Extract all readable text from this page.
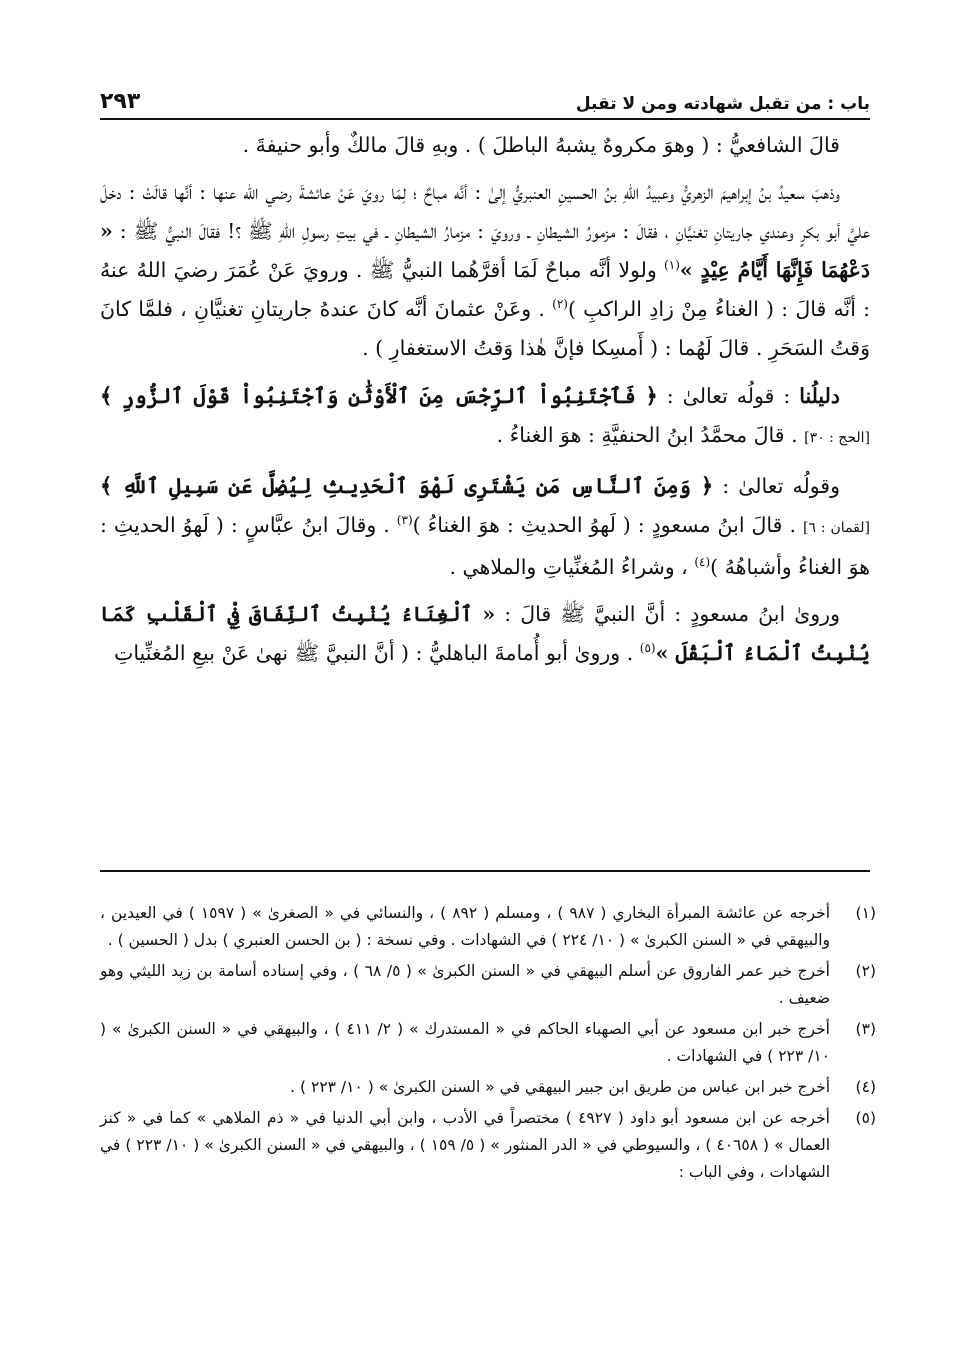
باب : من تقبل شهادته ومن لا تقبل
٢٩٣

قالَ الشافعيُّ : ( وهوَ مكروهٌ يشبهُ الباطلَ ) . وبهِ قالَ مالكٌ وأبو حنيفةَ .

وذهبَ سعيدُ بنُ إبراهيمَ الزهريُّ وعبيدُ اللهِ بنُ الحسينِ العنبريُّ إلىٰ : أنَّه مباحٌ ؛ لِمَا رويَ عَنْ عائشةَ رضي الله عنها : أنَّها قالَتْ : دخلَ عليَّ أبو بكرٍ وعندي جاريتانِ تغنيَّانِ ، فقالَ : مزمورُ الشيطانِ ـ ورويَ : مزمارُ الشيطانِ ـ في بيتِ رسولِ اللهِ ﷺ ؟! فقالَ النبيُّ ﷺ : « دَعْهُمَا فَإِنَّهَا أَيَّامُ عِيْدٍ »$^{(١)}$ ولولا أنَّه مباحٌ لَمَا أقرَّهُما النبيُّ ﷺ . ورويَ عَنْ عُمَرَ رضيَ اللهُ عنهُ : أنَّه قالَ : ( الغناءُ مِنْ زادِ الراكبِ )$^{(٢)}$ . وعَنْ عثمانَ أنَّه كانَ عندهُ جاريتانِ تغنيَّانِ ، فلمَّا كانَ وَقتُ السَحَرِ . قالَ لَهُما : ( أَمسِكا فإنَّ هٰذا وَقتُ الاستغفارِ ) .

دليلُنا : قولُه تعالىٰ : ﴿ فَٱجْتَنِبُواْ ٱلرِّجْسَ مِنَ ٱلْأَوْثَٰنِ وَٱجْتَنِبُواْ قَوْلَ ٱلزُّورِ ﴾ [الحج : ٣٠] . قالَ محمَّدُ ابنُ الحنفيَّةِ : هوَ الغناءُ .

وقولُه تعالىٰ : ﴿ وَمِنَ ٱلنَّاسِ مَن يَشْتَرِى لَهْوَ ٱلْحَدِيثِ لِيُضِلَّ عَن سَبِيلِ ٱللَّهِ ﴾ [لقمان : ٦] . قالَ ابنُ مسعودٍ : ( لَهوُ الحديثِ : هوَ الغناءُ )$^{(٣)}$ . وقالَ ابنُ عبَّاسٍ : ( لَهوُ الحديثِ : هوَ الغناءُ وأشباهُهُ )$^{(٤)}$ ، وشراءُ المُغنِّياتِ والملاهي .

وروىٰ ابنُ مسعودٍ : أنَّ النبيَّ ﷺ قالَ : « ٱلْغِنَاءُ يُنْبِتُ ٱلنِّفَاقَ فِيْ ٱلْقَلْبِ كَمَا يُنْبِتُ ٱلْمَاءُ ٱلْبَقْلَ »$^{(٥)}$ . وروىٰ أبو أُمامةَ الباهليُّ : ( أنَّ النبيَّ ﷺ نهىٰ عَنْ بيعِ المُغنِّياتِ

(١)
أخرجه عن عائشة المبرأة البخاري ( ٩٨٧ ) ، ومسلم ( ٨٩٢ ) ، والنسائي في « الصغرىٰ » ( ١٥٩٧ ) في العيدين ، والبيهقي في « السنن الكبرىٰ » ( ١٠/ ٢٢٤ ) في الشهادات . وفي نسخة : ( بن الحسن العنبري ) بدل ( الحسين ) .
(٢)
أخرج خبر عمر الفاروق عن أسلم البيهقي في « السنن الكبرىٰ » ( ٥/ ٦٨ ) ، وفي إسناده أسامة بن زيد الليثي وهو ضعيف .
(٣)
أخرج خبر ابن مسعود عن أبي الصهباء الحاكم في « المستدرك » ( ٢/ ٤١١ ) ، والبيهقي في « السنن الكبرىٰ » ( ١٠/ ٢٢٣ ) في الشهادات .
(٤)
أخرج خبر ابن عباس من طريق ابن جبير البيهقي في « السنن الكبرىٰ » ( ١٠/ ٢٢٣ ) .
(٥)
أخرجه عن ابن مسعود أبو داود ( ٤٩٢٧ ) مختصراً في الأدب ، وابن أبي الدنيا في « ذم الملاهي » كما في « كنز العمال » ( ٤٠٦٥٨ ) ، والسيوطي في « الدر المنثور » ( ٥/ ١٥٩ ) ، والبيهقي في « السنن الكبرىٰ » ( ١٠/ ٢٢٣ ) في الشهادات ، وفي الباب :
